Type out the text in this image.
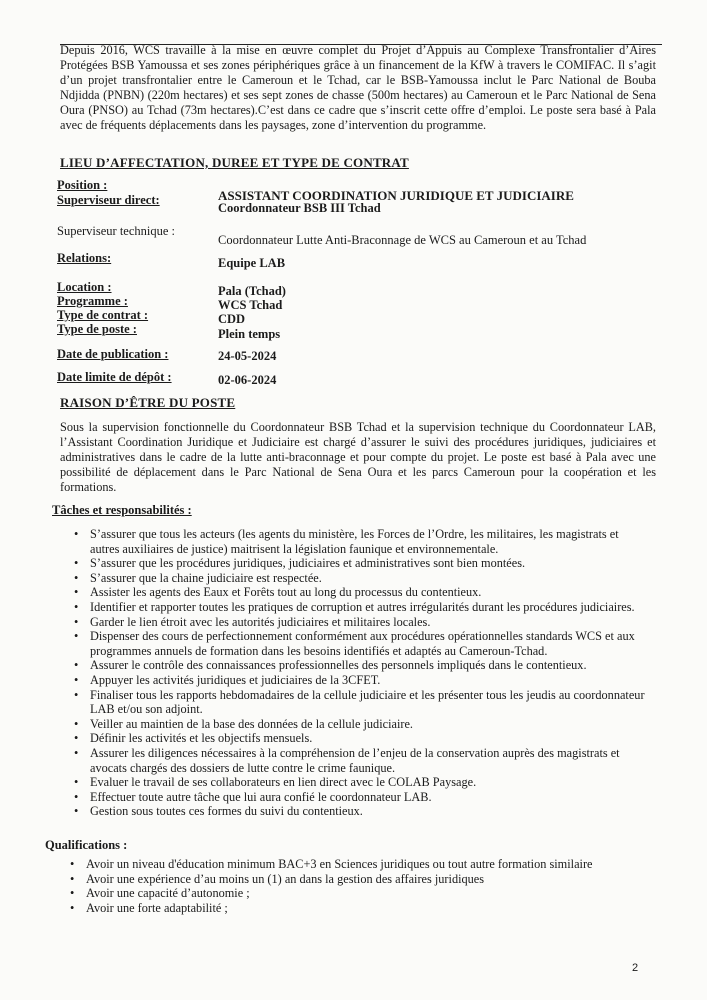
Depuis 2016, WCS travaille à la mise en œuvre complet du Projet d’Appuis au Complexe Transfrontalier d’Aires Protégées BSB Yamoussa et ses zones périphériques grâce à un financement de la KfW à travers le COMIFAC. Il s’agit d’un projet transfrontalier entre le Cameroun et le Tchad, car le BSB-Yamoussa inclut le Parc National de Bouba Ndjidda (PNBN) (220m hectares) et ses sept zones de chasse (500m hectares) au Cameroun et le Parc National de Sena Oura (PNSO) au Tchad (73m hectares).C’est dans ce cadre que s’inscrit cette offre d’emploi. Le poste sera basé à Pala avec de fréquents déplacements dans les paysages, zone d’intervention du programme.

LIEU D’AFFECTATION, DUREE ET TYPE DE CONTRAT
Position :
ASSISTANT COORDINATION JURIDIQUE ET JUDICIAIRE
Superviseur direct:
Coordonnateur BSB III Tchad
Superviseur technique :
Coordonnateur Lutte Anti-Braconnage de WCS au Cameroun et au Tchad
Relations:	Equipe LAB
Location :	Pala (Tchad)
Programme :	WCS Tchad
Type de contrat :	CDD
Type de poste :	Plein temps
Date de publication :	24-05-2024
Date limite de dépôt :	02-06-2024
RAISON D’ÊTRE DU POSTE

Sous la supervision fonctionnelle du Coordonnateur BSB Tchad et la supervision technique du Coordonnateur LAB, l’Assistant Coordination Juridique et Judiciaire est chargé d’assurer le suivi des procédures juridiques, judiciaires et administratives dans le cadre de la lutte anti-braconnage et pour compte du projet. Le poste est basé à Pala avec une possibilité de déplacement dans le Parc National de Sena Oura et les parcs Cameroun pour la coopération et les formations.

Tâches et responsabilités :
• S’assurer que tous les acteurs (les agents du ministère, les Forces de l’Ordre, les militaires, les magistrats et autres auxiliaires de justice) maitrisent la législation faunique et environnementale.
• S’assurer que les procédures juridiques, judiciaires et administratives sont bien montées.
• S’assurer que la chaine judiciaire est respectée.
• Assister les agents des Eaux et Forêts tout au long du processus du contentieux.
• Identifier et rapporter toutes les pratiques de corruption et autres irrégularités durant les procédures judiciaires.
• Garder le lien étroit avec les autorités judiciaires et militaires locales.
• Dispenser des cours de perfectionnement conformément aux procédures opérationnelles standards WCS et aux programmes annuels de formation dans les besoins identifiés et adaptés au Cameroun-Tchad.
• Assurer le contrôle des connaissances professionnelles des personnels impliqués dans le contentieux.
• Appuyer les activités juridiques et judiciaires de la 3CFET.
• Finaliser tous les rapports hebdomadaires de la cellule judiciaire et les présenter tous les jeudis au coordonnateur LAB et/ou son adjoint.
• Veiller au maintien de la base des données de la cellule judiciaire.
• Définir les activités et les objectifs mensuels.
• Assurer les diligences nécessaires à la compréhension de l’enjeu de la conservation auprès des magistrats et avocats chargés des dossiers de lutte contre le crime faunique.
• Evaluer le travail de ses collaborateurs en lien direct avec le COLAB Paysage.
• Effectuer toute autre tâche que lui aura confié le coordonnateur LAB.
• Gestion sous toutes ces formes du suivi du contentieux.
Qualifications :
• Avoir un niveau d'éducation minimum BAC+3 en Sciences juridiques ou tout autre formation similaire
• Avoir une expérience d’au moins un (1) an dans la gestion des affaires juridiques
• Avoir une capacité d’autonomie ;
• Avoir une forte adaptabilité ;
2
